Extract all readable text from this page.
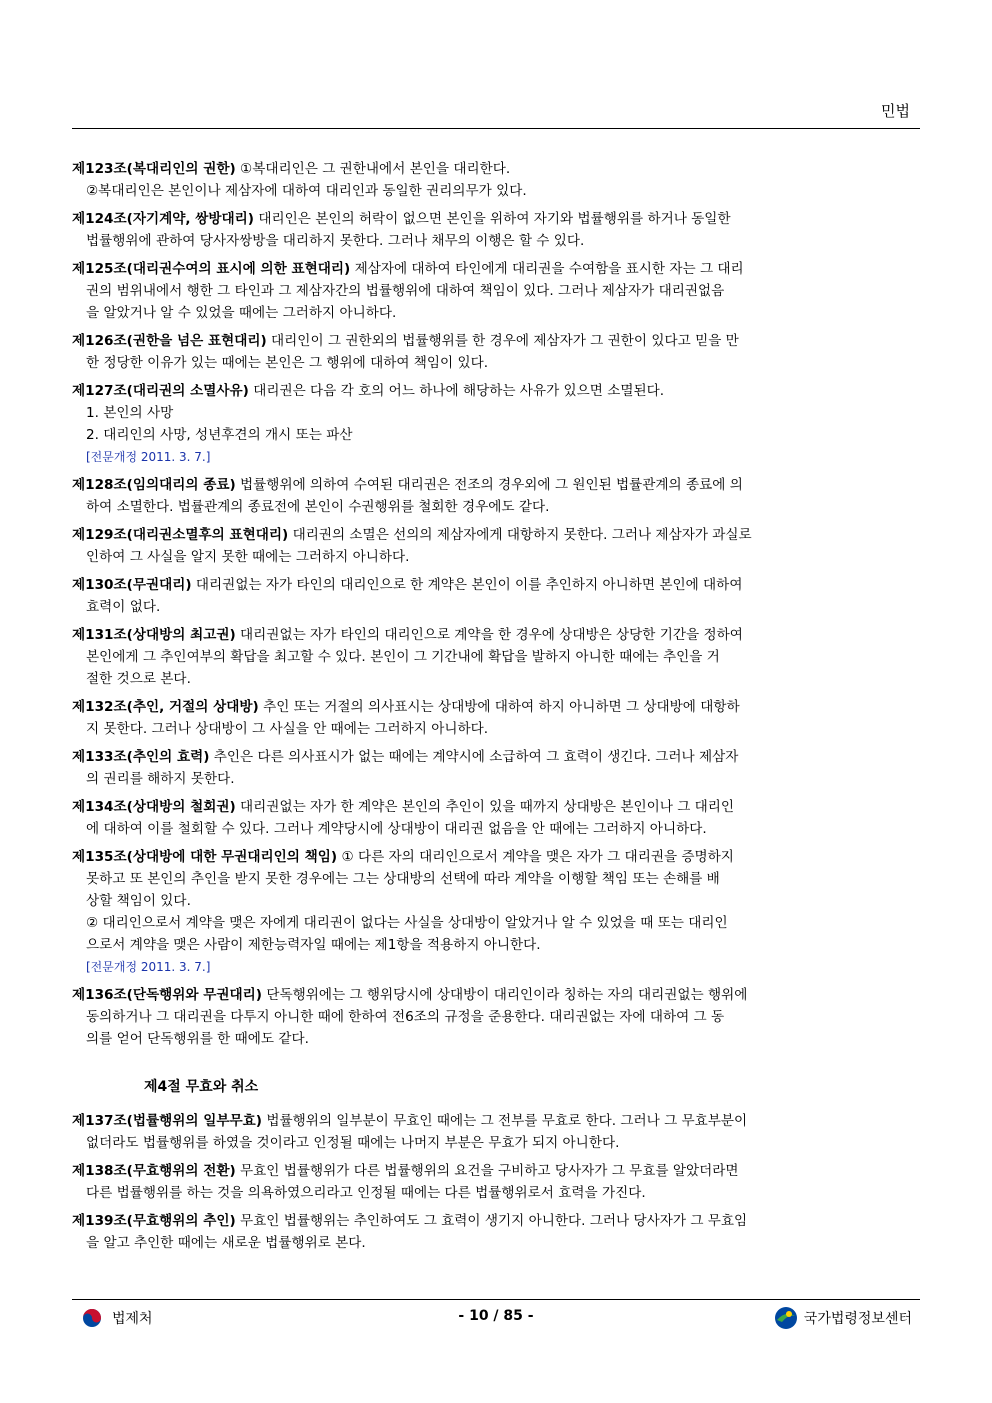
민법
제123조(복대리인의 권한) ①복대리인은 그 권한내에서 본인을 대리한다.
②복대리인은 본인이나 제삼자에 대하여 대리인과 동일한 권리의무가 있다.
제124조(자기계약, 쌍방대리) 대리인은 본인의 허락이 없으면 본인을 위하여 자기와 법률행위를 하거나 동일한
법률행위에 관하여 당사자쌍방을 대리하지 못한다. 그러나 채무의 이행은 할 수 있다.
제125조(대리권수여의 표시에 의한 표현대리) 제삼자에 대하여 타인에게 대리권을 수여함을 표시한 자는 그 대리
권의 범위내에서 행한 그 타인과 그 제삼자간의 법률행위에 대하여 책임이 있다. 그러나 제삼자가 대리권없음
을 알았거나 알 수 있었을 때에는 그러하지 아니하다.
제126조(권한을 넘은 표현대리) 대리인이 그 권한외의 법률행위를 한 경우에 제삼자가 그 권한이 있다고 믿을 만
한 정당한 이유가 있는 때에는 본인은 그 행위에 대하여 책임이 있다.
제127조(대리권의 소멸사유) 대리권은 다음 각 호의 어느 하나에 해당하는 사유가 있으면 소멸된다.
1. 본인의 사망
2. 대리인의 사망, 성년후견의 개시 또는 파산
[전문개정 2011. 3. 7.]
제128조(임의대리의 종료) 법률행위에 의하여 수여된 대리권은 전조의 경우외에 그 원인된 법률관계의 종료에 의
하여 소멸한다. 법률관계의 종료전에 본인이 수권행위를 철회한 경우에도 같다.
제129조(대리권소멸후의 표현대리) 대리권의 소멸은 선의의 제삼자에게 대항하지 못한다. 그러나 제삼자가 과실로
인하여 그 사실을 알지 못한 때에는 그러하지 아니하다.
제130조(무권대리) 대리권없는 자가 타인의 대리인으로 한 계약은 본인이 이를 추인하지 아니하면 본인에 대하여
효력이 없다.
제131조(상대방의 최고권) 대리권없는 자가 타인의 대리인으로 계약을 한 경우에 상대방은 상당한 기간을 정하여
본인에게 그 추인여부의 확답을 최고할 수 있다. 본인이 그 기간내에 확답을 발하지 아니한 때에는 추인을 거
절한 것으로 본다.
제132조(추인, 거절의 상대방) 추인 또는 거절의 의사표시는 상대방에 대하여 하지 아니하면 그 상대방에 대항하
지 못한다. 그러나 상대방이 그 사실을 안 때에는 그러하지 아니하다.
제133조(추인의 효력) 추인은 다른 의사표시가 없는 때에는 계약시에 소급하여 그 효력이 생긴다. 그러나 제삼자
의 권리를 해하지 못한다.
제134조(상대방의 철회권) 대리권없는 자가 한 계약은 본인의 추인이 있을 때까지 상대방은 본인이나 그 대리인
에 대하여 이를 철회할 수 있다. 그러나 계약당시에 상대방이 대리권 없음을 안 때에는 그러하지 아니하다.
제135조(상대방에 대한 무권대리인의 책임) ① 다른 자의 대리인으로서 계약을 맺은 자가 그 대리권을 증명하지
못하고 또 본인의 추인을 받지 못한 경우에는 그는 상대방의 선택에 따라 계약을 이행할 책임 또는 손해를 배
상할 책임이 있다.
② 대리인으로서 계약을 맺은 자에게 대리권이 없다는 사실을 상대방이 알았거나 알 수 있었을 때 또는 대리인
으로서 계약을 맺은 사람이 제한능력자일 때에는 제1항을 적용하지 아니한다.
[전문개정 2011. 3. 7.]
제136조(단독행위와 무권대리) 단독행위에는 그 행위당시에 상대방이 대리인이라 칭하는 자의 대리권없는 행위에
동의하거나 그 대리권을 다투지 아니한 때에 한하여 전6조의 규정을 준용한다. 대리권없는 자에 대하여 그 동
의를 얻어 단독행위를 한 때에도 같다.
제4절 무효와 취소
제137조(법률행위의 일부무효) 법률행위의 일부분이 무효인 때에는 그 전부를 무효로 한다. 그러나 그 무효부분이
없더라도 법률행위를 하였을 것이라고 인정될 때에는 나머지 부분은 무효가 되지 아니한다.
제138조(무효행위의 전환) 무효인 법률행위가 다른 법률행위의 요건을 구비하고 당사자가 그 무효를 알았더라면
다른 법률행위를 하는 것을 의욕하였으리라고 인정될 때에는 다른 법률행위로서 효력을 가진다.
제139조(무효행위의 추인) 무효인 법률행위는 추인하여도 그 효력이 생기지 아니한다. 그러나 당사자가 그 무효임
을 알고 추인한 때에는 새로운 법률행위로 본다.
법제처	- 10 / 85 -	국가법령정보센터
